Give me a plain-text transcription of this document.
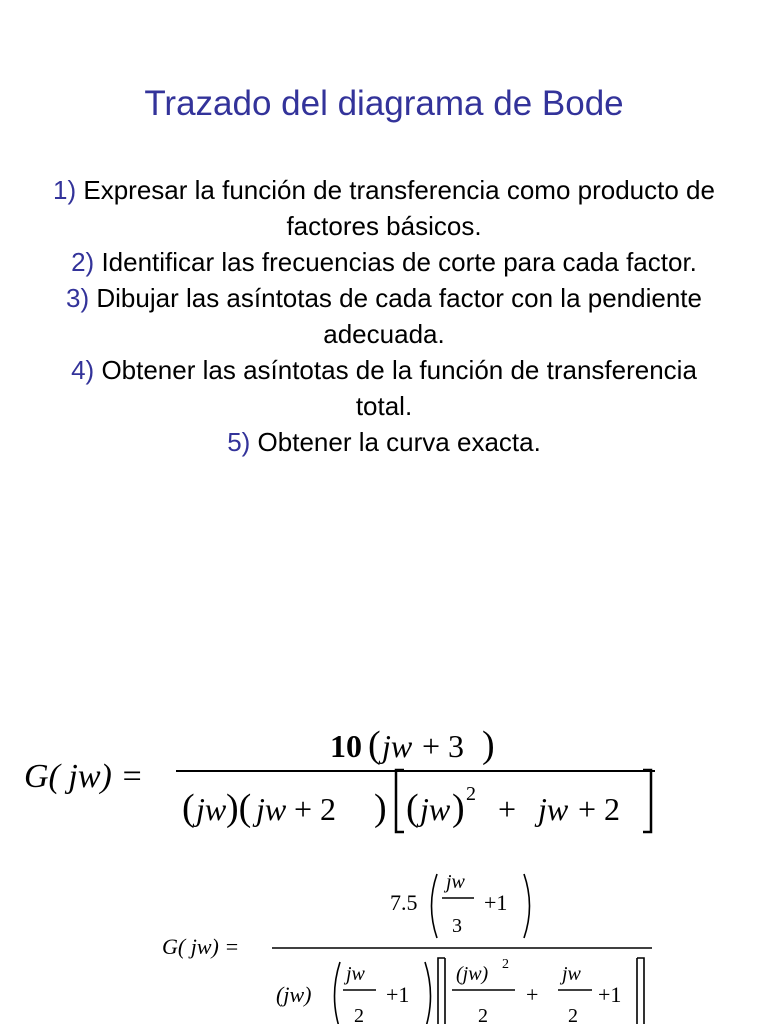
Trazado del diagrama de Bode
1) Expresar la función de transferencia como producto de factores básicos.
2) Identificar las frecuencias de corte para cada factor.
3) Dibujar las asíntotas de cada factor con la pendiente adecuada.
4) Obtener las asíntotas de la función de transferencia total.
5) Obtener la curva exacta.
G( jw) =
10 ( jw + 3 )
( jw )( jw + 2 ) ( jw ) 2 + jw + 2
G( jw) =
7.5
jw
3
+1
(jw)
jw
2
+1
(jw) 2
2
+
jw
2
+1
